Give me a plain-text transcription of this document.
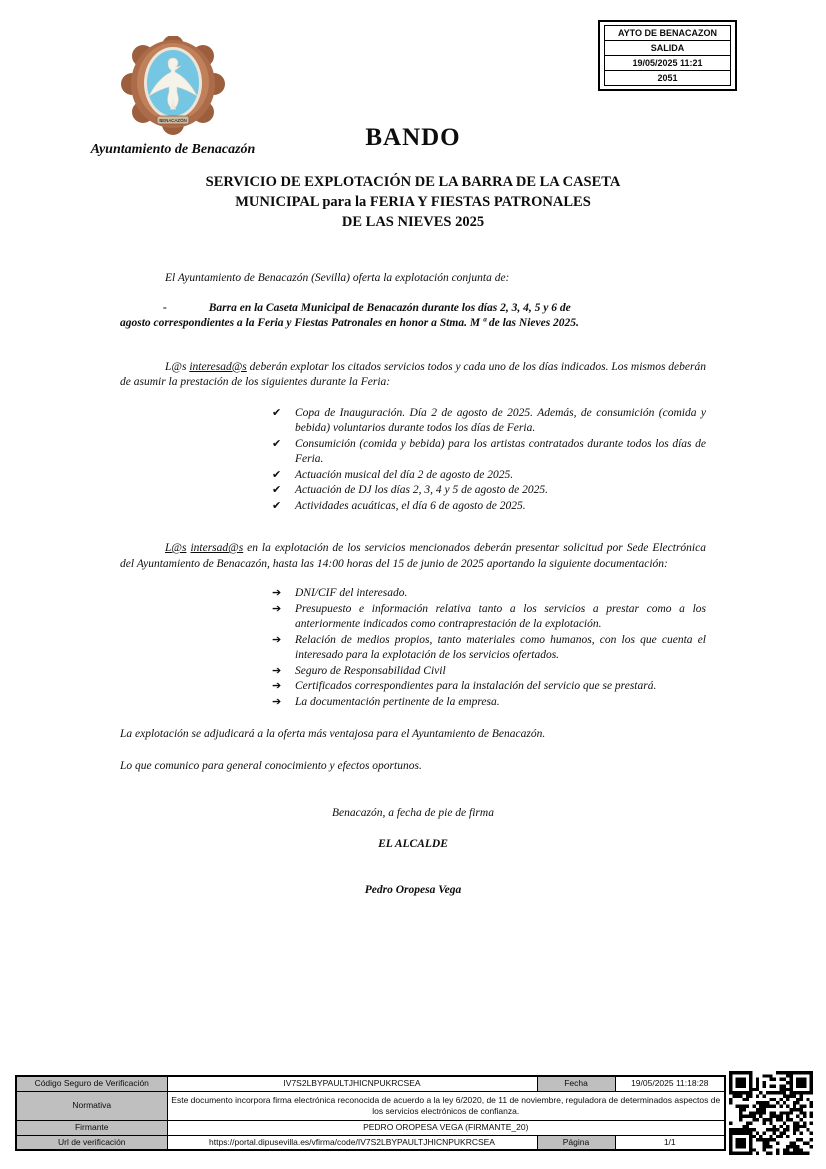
AYTO DE BENACAZON
SALIDA
19/05/2025 11:21
2051
BENACAZÓN
Ayuntamiento de Benacazón	BANDO
SERVICIO DE EXPLOTACIÓN DE LA BARRA DE LA CASETA
MUNICIPAL para la FERIA Y FIESTAS PATRONALES
DE LAS NIEVES 2025

El Ayuntamiento de Benacazón (Sevilla) oferta la explotación conjunta de:

-	Barra en la Caseta Municipal de Benacazón durante los días 2, 3, 4, 5 y 6 de
agosto correspondientes a la Feria y Fiestas Patronales en honor a Stma. M ª de las Nieves 2025.

L@s interesad@s deberán explotar los citados servicios todos y cada uno de los días indicados. Los mismos deberán de asumir la prestación de los siguientes durante la Feria:

✔	Copa de Inauguración. Día 2 de agosto de 2025. Además, de consumición (comida y bebida) voluntarios durante todos los días de Feria.
✔	Consumición (comida y bebida) para los artistas contratados durante todos los días de Feria.
✔	Actuación musical del día 2 de agosto de 2025.
✔	Actuación de DJ los días 2, 3, 4 y 5 de agosto de 2025.
✔	Actividades acuáticas, el día 6 de agosto de 2025.

L@s intersad@s en la explotación de los servicios mencionados deberán presentar solicitud por Sede Electrónica del Ayuntamiento de Benacazón, hasta las 14:00 horas del 15 de junio de 2025 aportando la siguiente documentación:

➔	DNI/CIF del interesado.
➔	Presupuesto e información relativa tanto a los servicios a prestar como a los anteriormente indicados como contraprestación de la explotación.
➔	Relación de medios propios, tanto materiales como humanos, con los que cuenta el interesado para la explotación de los servicios ofertados.
➔	Seguro de Responsabilidad Civil
➔	Certificados correspondientes para la instalación del servicio que se prestará.
➔	La documentación pertinente de la empresa.

La explotación se adjudicará a la oferta más ventajosa para el Ayuntamiento de Benacazón.

Lo que comunico para general conocimiento y efectos oportunos.

Benacazón, a fecha de pie de firma

EL ALCALDE

Pedro Oropesa Vega

Código Seguro de Verificación	IV7S2LBYPAULTJHICNPUKRCSEA	Fecha	19/05/2025 11:18:28
Normativa	Este documento incorpora firma electrónica reconocida de acuerdo a la ley 6/2020, de 11 de noviembre, reguladora de determinados aspectos de los servicios electrónicos de confianza.		
Firmante	PEDRO OROPESA VEGA (FIRMANTE_20)		
Url de verificación	https://portal.dipusevilla.es/vfirma/code/IV7S2LBYPAULTJHICNPUKRCSEA	Página	1/1
